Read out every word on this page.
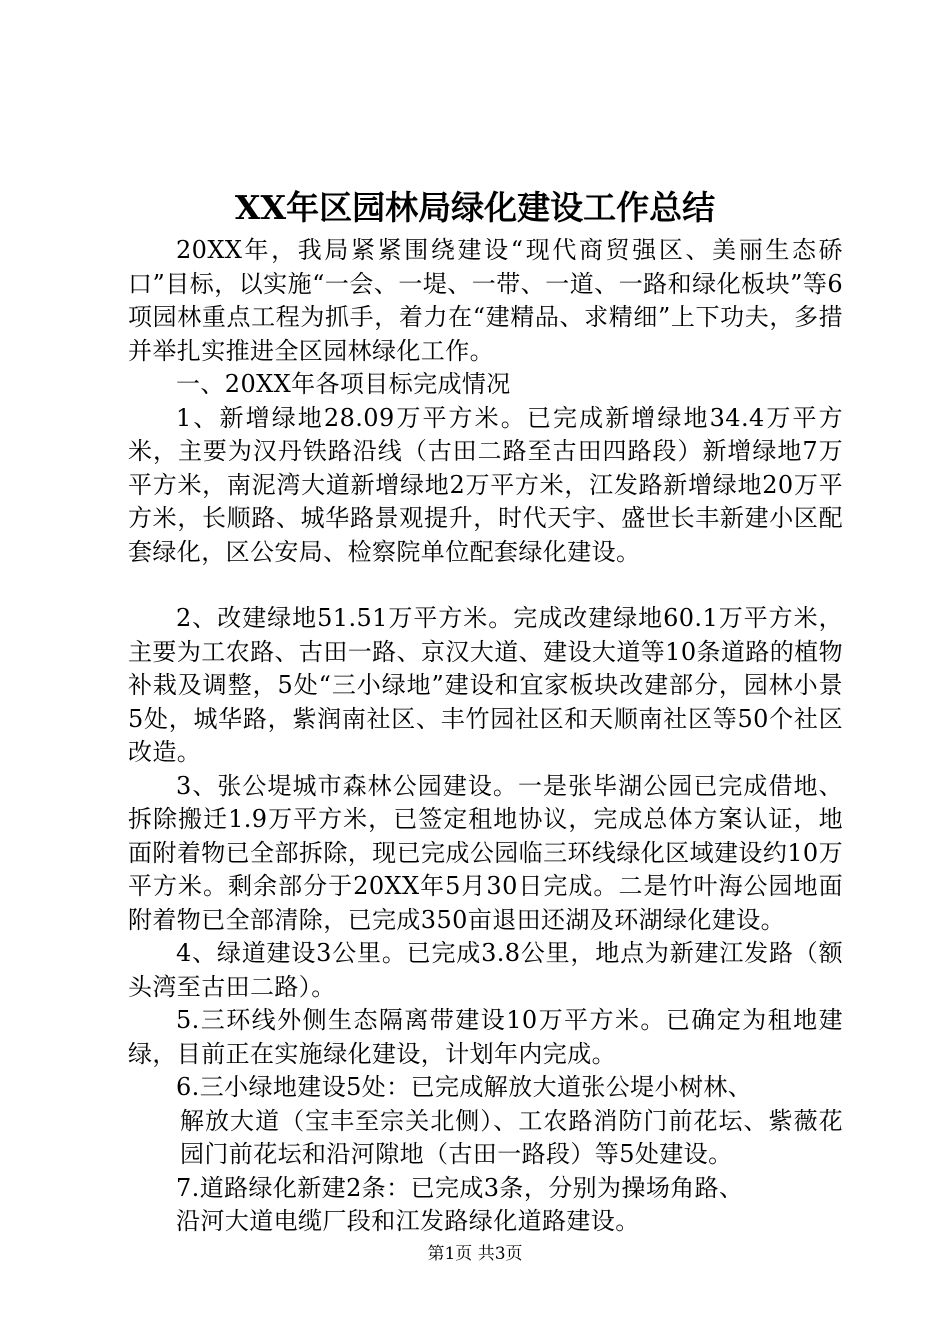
XX年区园林局绿化建设工作总结

20XX年，我局紧紧围绕建设“现代商贸强区、美丽生态硚口”目标，以实施“一会、一堤、一带、一道、一路和绿化板块”等6项园林重点工程为抓手，着力在“建精品、求精细”上下功夫，多措并举扎实推进全区园林绿化工作。

一、20XX年各项目标完成情况

1、新增绿地28.09万平方米。已完成新增绿地34.4万平方米，主要为汉丹铁路沿线（古田二路至古田四路段）新增绿地7万平方米，南泥湾大道新增绿地2万平方米，江发路新增绿地20万平方米，长顺路、城华路景观提升，时代天宇、盛世长丰新建小区配套绿化，区公安局、检察院单位配套绿化建设。

2、改建绿地51.51万平方米。完成改建绿地60.1万平方米，主要为工农路、古田一路、京汉大道、建设大道等10条道路的植物补栽及调整，5处“三小绿地”建设和宜家板块改建部分，园林小景5处，城华路，紫润南社区、丰竹园社区和天顺南社区等50个社区改造。

3、张公堤城市森林公园建设。一是张毕湖公园已完成借地、拆除搬迁1.9万平方米，已签定租地协议，完成总体方案认证，地面附着物已全部拆除，现已完成公园临三环线绿化区域建设约10万平方米。剩余部分于20XX年5月30日完成。二是竹叶海公园地面附着物已全部清除，已完成350亩退田还湖及环湖绿化建设。

4、绿道建设3公里。已完成3.8公里，地点为新建江发路（额头湾至古田二路）。

5.三环线外侧生态隔离带建设10万平方米。已确定为租地建绿，目前正在实施绿化建设，计划年内完成。

6.三小绿地建设5处：已完成解放大道张公堤小树林、

解放大道（宝丰至宗关北侧）、工农路消防门前花坛、紫薇花园门前花坛和沿河隙地（古田一路段）等5处建设。

7.道路绿化新建2条：已完成3条，分别为操场角路、

沿河大道电缆厂段和江发路绿化道路建设。

第1页 共3页
